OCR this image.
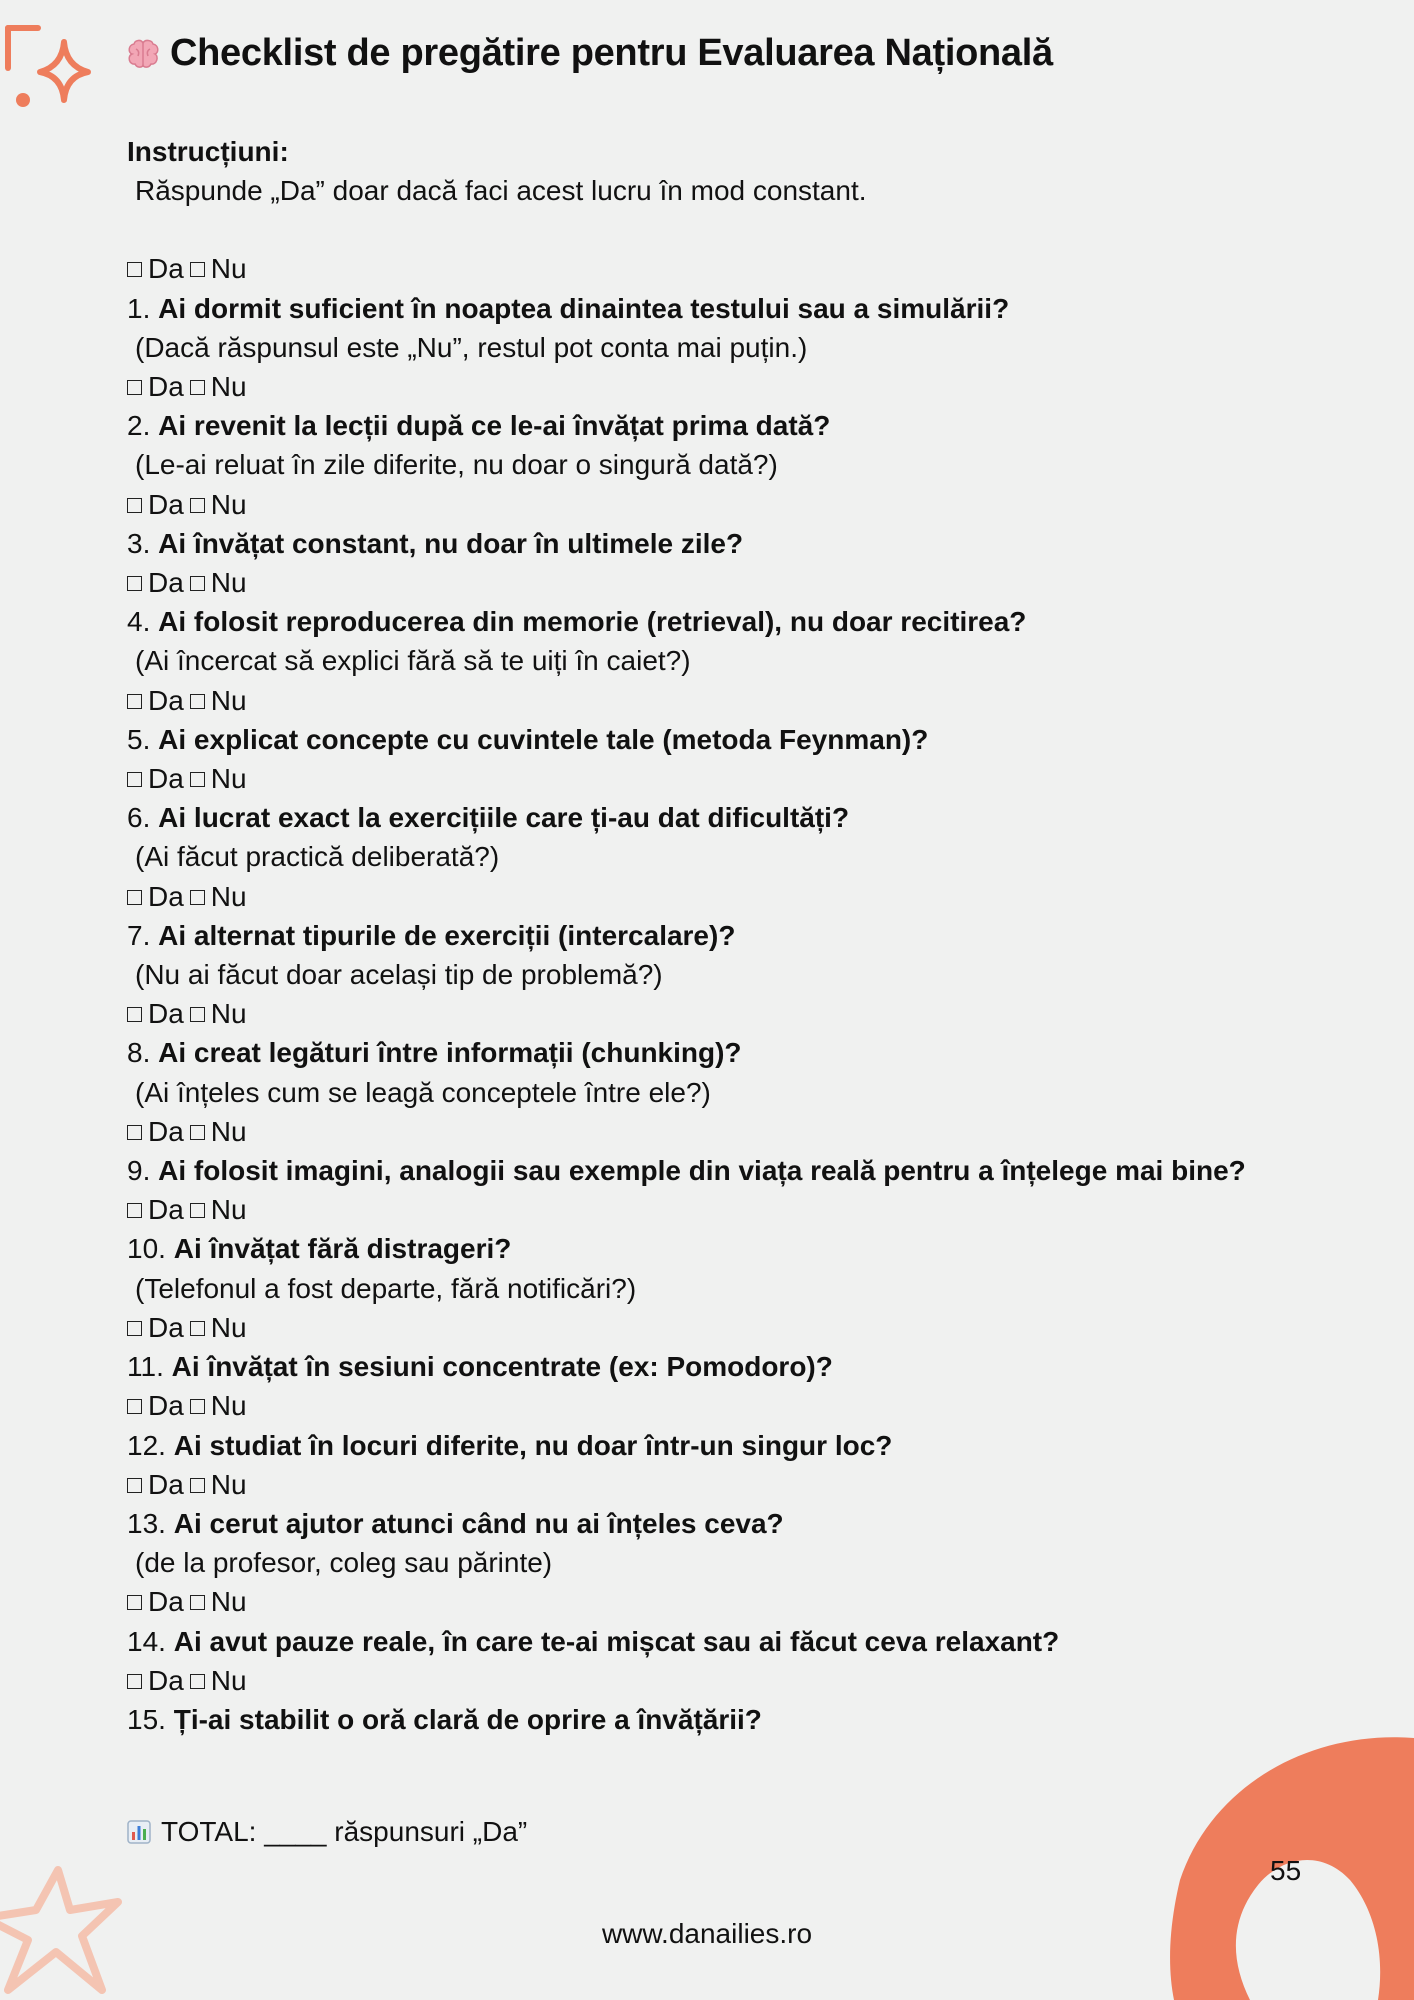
Checklist de pregătire pentru Evaluarea Națională
Instrucțiuni:
Răspunde „Da” doar dacă faci acest lucru în mod constant.
Da Nu
1. Ai dormit suficient în noaptea dinaintea testului sau a simulării?
(Dacă răspunsul este „Nu”, restul pot conta mai puțin.)
Da Nu
2. Ai revenit la lecții după ce le-ai învățat prima dată?
(Le-ai reluat în zile diferite, nu doar o singură dată?)
Da Nu
3. Ai învățat constant, nu doar în ultimele zile?
Da Nu
4. Ai folosit reproducerea din memorie (retrieval), nu doar recitirea?
(Ai încercat să explici fără să te uiți în caiet?)
Da Nu
5. Ai explicat concepte cu cuvintele tale (metoda Feynman)?
Da Nu
6. Ai lucrat exact la exercițiile care ți-au dat dificultăți?
(Ai făcut practică deliberată?)
Da Nu
7. Ai alternat tipurile de exerciții (intercalare)?
(Nu ai făcut doar același tip de problemă?)
Da Nu
8. Ai creat legături între informații (chunking)?
(Ai înțeles cum se leagă conceptele între ele?)
Da Nu
9. Ai folosit imagini, analogii sau exemple din viața reală pentru a înțelege mai bine?
Da Nu
10. Ai învățat fără distrageri?
(Telefonul a fost departe, fără notificări?)
Da Nu
11. Ai învățat în sesiuni concentrate (ex: Pomodoro)?
Da Nu
12. Ai studiat în locuri diferite, nu doar într-un singur loc?
Da Nu
13. Ai cerut ajutor atunci când nu ai înțeles ceva?
(de la profesor, coleg sau părinte)
Da Nu
14. Ai avut pauze reale, în care te-ai mișcat sau ai făcut ceva relaxant?
Da Nu
15. Ți-ai stabilit o oră clară de oprire a învățării?
TOTAL: ____ răspunsuri „Da”
55
www.danailies.ro
